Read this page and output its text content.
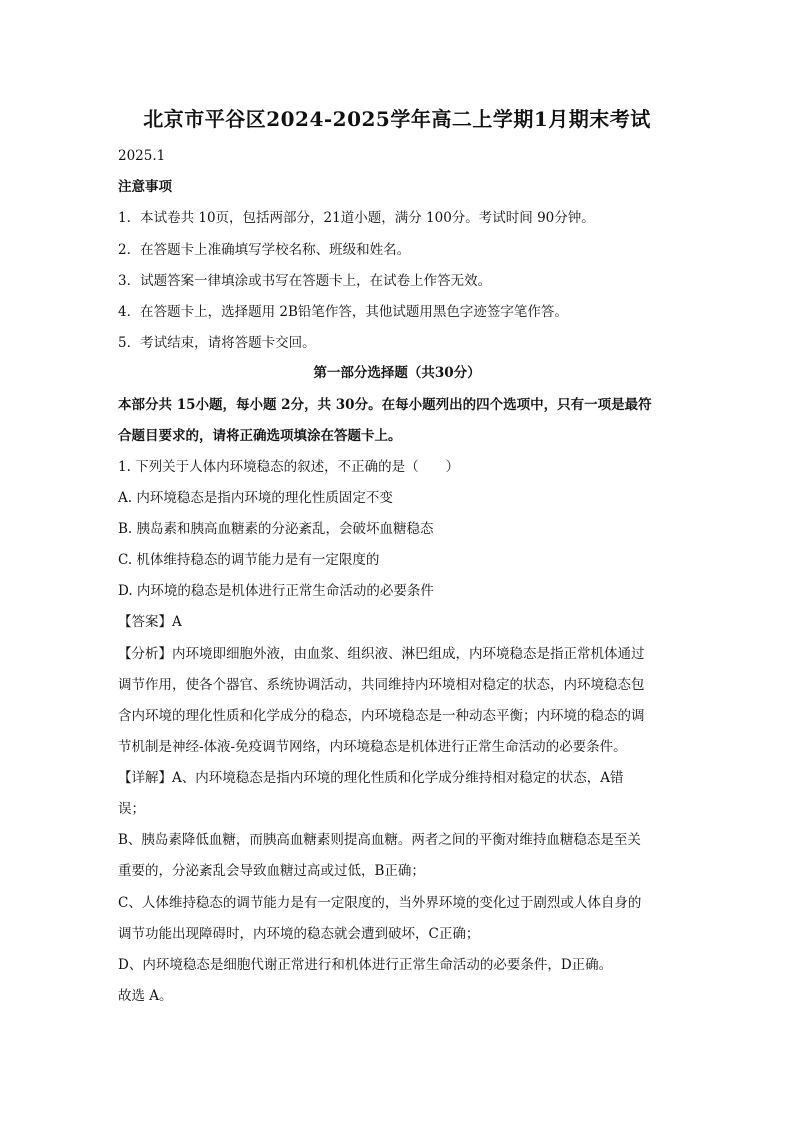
北京市平谷区2024-2025学年高二上学期1月期末考试
2025.1
注意事项
1．本试卷共 10页，包括两部分，21道小题，满分 100分。考试时间 90分钟。
2．在答题卡上准确填写学校名称、班级和姓名。
3．试题答案一律填涂或书写在答题卡上，在试卷上作答无效。
4．在答题卡上，选择题用 2B铅笔作答，其他试题用黑色字迹签字笔作答。
5．考试结束，请将答题卡交回。
第一部分选择题（共30分）
本部分共 15小题，每小题 2分，共 30分。在每小题列出的四个选项中，只有一项是最符
合题目要求的，请将正确选项填涂在答题卡上。
1. 下列关于人体内环境稳态的叙述，不正确的是（　　）
A. 内环境稳态是指内环境的理化性质固定不变
B. 胰岛素和胰高血糖素的分泌紊乱，会破坏血糖稳态
C. 机体维持稳态的调节能力是有一定限度的
D. 内环境的稳态是机体进行正常生命活动的必要条件
【答案】A
【分析】内环境即细胞外液，由血浆、组织液、淋巴组成，内环境稳态是指正常机体通过
调节作用，使各个器官、系统协调活动，共同维持内环境相对稳定的状态，内环境稳态包
含内环境的理化性质和化学成分的稳态，内环境稳态是一种动态平衡；内环境的稳态的调
节机制是神经-体液-免疫调节网络，内环境稳态是机体进行正常生命活动的必要条件。
【详解】A、内环境稳态是指内环境的理化性质和化学成分维持相对稳定的状态，A错
误；
B、胰岛素降低血糖，而胰高血糖素则提高血糖。两者之间的平衡对维持血糖稳态是至关
重要的，分泌紊乱会导致血糖过高或过低，B正确；
C、人体维持稳态的调节能力是有一定限度的，当外界环境的变化过于剧烈或人体自身的
调节功能出现障碍时，内环境的稳态就会遭到破坏，C正确；
D、内环境稳态是细胞代谢正常进行和机体进行正常生命活动的必要条件，D正确。
故选 A。
